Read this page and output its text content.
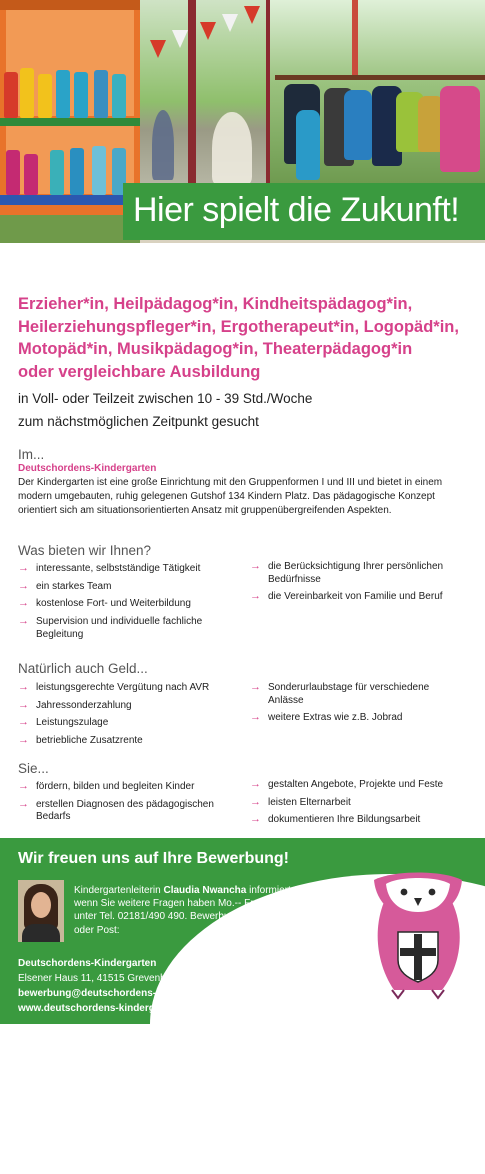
Hier spielt die Zukunft!
Erzieher*in, Heilpädagog*in, Kindheitspädagog*in,
Heilerziehungspfleger*in, Ergotherapeut*in, Logopäd*in,
Motopäd*in, Musikpädagog*in, Theaterpädagog*in
oder vergleichbare Ausbildung

in Voll- oder Teilzeit zwischen 10 - 39 Std./Woche

zum nächstmöglichen Zeitpunkt gesucht

Im...

Deutschordens-Kindergarten

Der Kindergarten ist eine große Einrichtung mit den Gruppenformen I und III und bietet in einem modern umgebauten, ruhig gelegenen Gutshof 134 Kindern Platz. Das pädagogische Konzept orientiert sich am situationsorientierten Ansatz mit gruppenübergreifenden Aspekten.

Was bieten wir Ihnen?
→ interessante, selbstständige Tätigkeit
→ ein starkes Team
→ kostenlose Fort- und Weiterbildung
→ Supervision und individuelle fachliche Begleitung
→ die Berücksichtigung Ihrer persönlichen Bedürfnisse
→ die Vereinbarkeit von Familie und Beruf
Natürlich auch Geld...
→ leistungsgerechte Vergütung nach AVR
→ Jahressonderzahlung
→ Leistungszulage
→ betriebliche Zusatzrente
→ Sonderurlaubstage für verschiedene Anlässe
→ weitere Extras wie z.B. Jobrad
Sie...
→ fördern, bilden und begleiten Kinder
→ erstellen Diagnosen des pädagogischen Bedarfs
→ gestalten Angebote, Projekte und Feste
→ leisten Elternarbeit
→ dokumentieren Ihre Bildungsarbeit
Wir freuen uns auf Ihre Bewerbung!

Kindergartenleiterin Claudia Nwancha informiert Sie gerne, wenn Sie weitere Fragen haben Mo.-- Fr. 8.30 - 15.30 Uhr unter Tel. 02181/490 490. Bewerbungen gerne per email oder Post:

Deutschordens-Kindergarten
Elsener Haus 11, 41515 Grevenbroich
bewerbung@deutschordens-kindergarten.de
www.deutschordens-kindergarten.de
